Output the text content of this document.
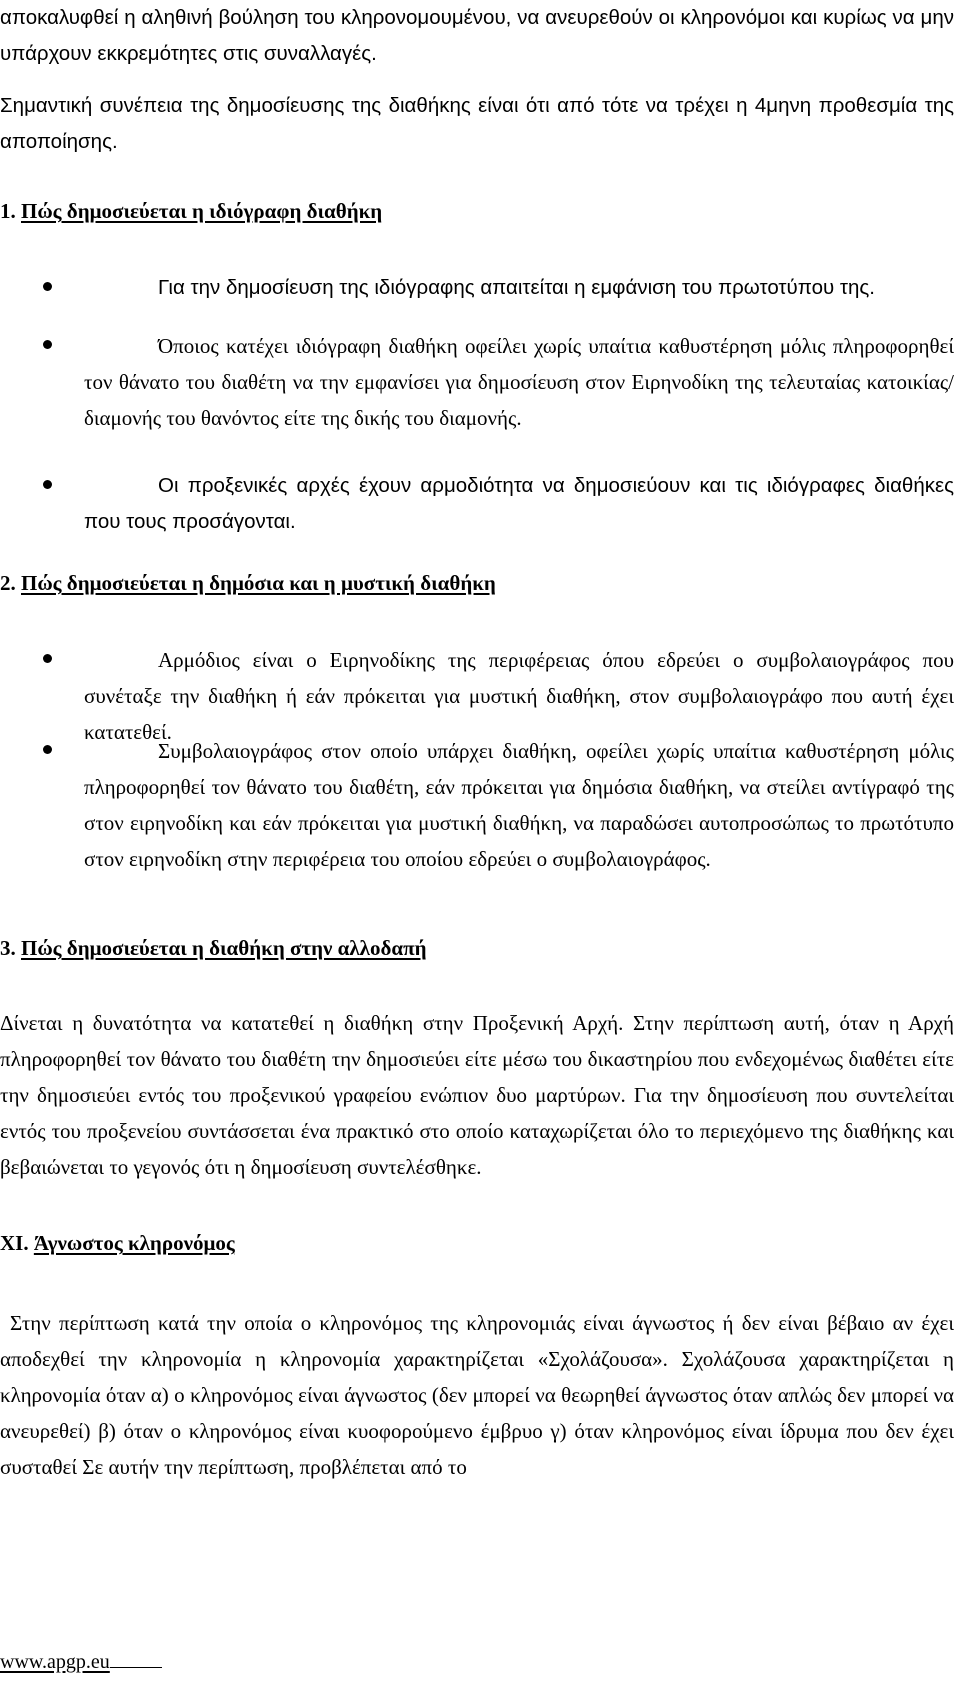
αποκαλυφθεί η αληθινή βούληση του κληρονομουμένου, να ανευρεθούν οι κληρονόμοι και κυρίως να μην υπάρχουν εκκρεμότητες στις συναλλαγές.

Σημαντική συνέπεια της δημοσίευσης της διαθήκης είναι ότι από τότε να τρέχει η 4μηνη προθεσμία της αποποίησης.

1. Πώς δημοσιεύεται η ιδιόγραφη διαθήκη

Για την δημοσίευση της ιδιόγραφης απαιτείται η εμφάνιση του πρωτοτύπου της.

Όποιος κατέχει ιδιόγραφη διαθήκη οφείλει χωρίς υπαίτια καθυστέρηση μόλις πληροφορηθεί τον θάνατο του διαθέτη να την εμφανίσει για δημοσίευση στον Ειρηνοδίκη της τελευταίας κατοικίας/διαμονής του θανόντος είτε της δικής του διαμονής.

Οι προξενικές αρχές έχουν αρμοδιότητα να δημοσιεύουν και τις ιδιόγραφες διαθήκες που τους προσάγονται.

2. Πώς δημοσιεύεται η δημόσια και η μυστική διαθήκη

Αρμόδιος είναι ο Ειρηνοδίκης της περιφέρειας όπου εδρεύει ο συμβολαιογράφος που συνέταξε την διαθήκη ή εάν πρόκειται για μυστική διαθήκη, στον συμβολαιογράφο που αυτή έχει κατατεθεί.

Συμβολαιογράφος στον οποίο υπάρχει διαθήκη, οφείλει χωρίς υπαίτια καθυστέρηση μόλις πληροφορηθεί τον θάνατο του διαθέτη, εάν πρόκειται για δημόσια διαθήκη, να στείλει αντίγραφό της στον ειρηνοδίκη και εάν πρόκειται για μυστική διαθήκη, να παραδώσει αυτοπροσώπως το πρωτότυπο στον ειρηνοδίκη στην περιφέρεια του οποίου εδρεύει ο συμβολαιογράφος.

3. Πώς δημοσιεύεται η διαθήκη στην αλλοδαπή

Δίνεται η δυνατότητα να κατατεθεί η διαθήκη στην Προξενική Αρχή. Στην περίπτωση αυτή, όταν η Αρχή πληροφορηθεί τον θάνατο του διαθέτη την δημοσιεύει είτε μέσω του δικαστηρίου που ενδεχομένως διαθέτει είτε την δημοσιεύει εντός του προξενικού γραφείου ενώπιον δυο μαρτύρων. Για την δημοσίευση που συντελείται εντός του προξενείου συντάσσεται ένα πρακτικό στο οποίο καταχωρίζεται όλο το περιεχόμενο της διαθήκης και βεβαιώνεται το γεγονός ότι η δημοσίευση συντελέσθηκε.

XI. Άγνωστος κληρονόμος

Στην περίπτωση κατά την οποία ο κληρονόμος της κληρονομιάς είναι άγνωστος ή δεν είναι βέβαιο αν έχει αποδεχθεί την κληρονομία η κληρονομία χαρακτηρίζεται «Σχολάζουσα». Σχολάζουσα χαρακτηρίζεται η κληρονομία όταν α) ο κληρονόμος είναι άγνωστος (δεν μπορεί να θεωρηθεί άγνωστος όταν απλώς δεν μπορεί να ανευρεθεί) β) όταν ο κληρονόμος είναι κυοφορούμενο έμβρυο γ) όταν κληρονόμος είναι ίδρυμα που δεν έχει συσταθεί Σε αυτήν την περίπτωση, προβλέπεται από το

www.apgp.eu
